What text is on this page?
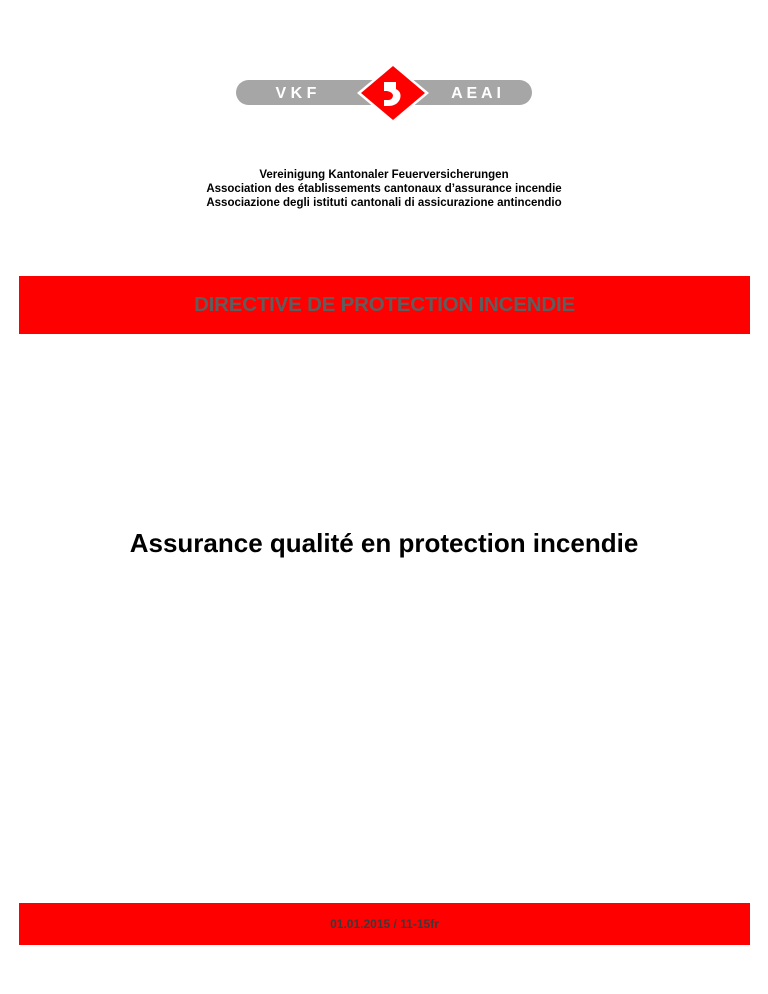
V K F	A E A I
Vereinigung Kantonaler Feuerversicherungen
Association des établissements cantonaux d’assurance incendie
Associazione degli istituti cantonali di assicurazione antincendio
DIRECTIVE DE PROTECTION INCENDIE
Assurance qualité en protection incendie
01.01.2015 / 11-15fr
